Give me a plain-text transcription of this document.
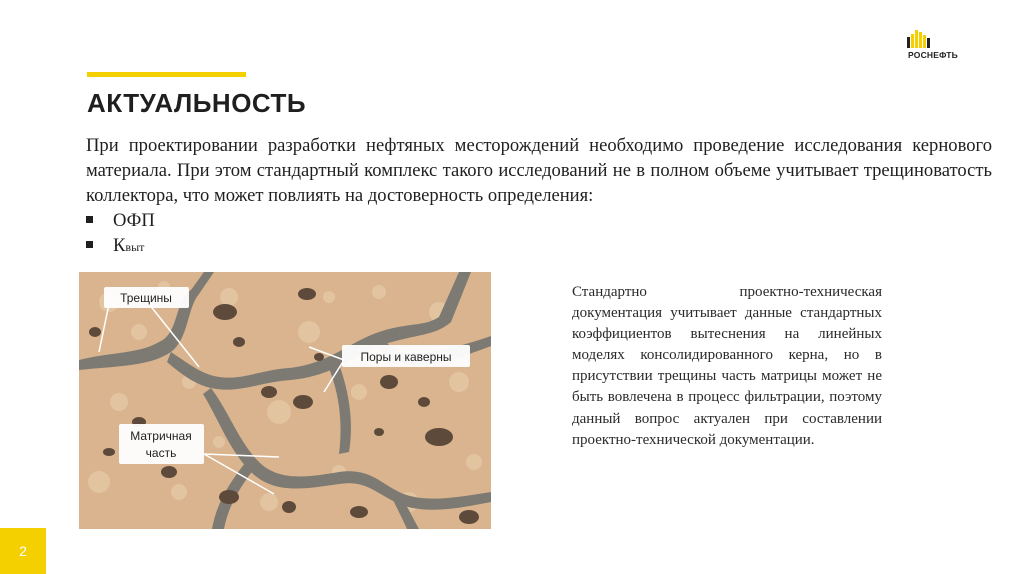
АКТУАЛЬНОСТЬ
При проектировании разработки нефтяных месторождений необходимо проведение исследования кернового материала. При этом стандартный комплекс такого исследований не в полном объеме учитывает трещиноватость коллектора, что может повлиять на достоверность определения:
ОФП
К выт
Трещины
Поры и каверны
Матричная
часть
Стандартно проектно-техническая документация учитывает данные стандартных коэффициентов вытеснения на линейных моделях консолидированного керна, но в присутствии трещины часть матрицы может не быть вовлечена в процесс фильтрации, поэтому данный вопрос актуален при составлении проектно-технической документации.
РОСНЕФТЬ
2
